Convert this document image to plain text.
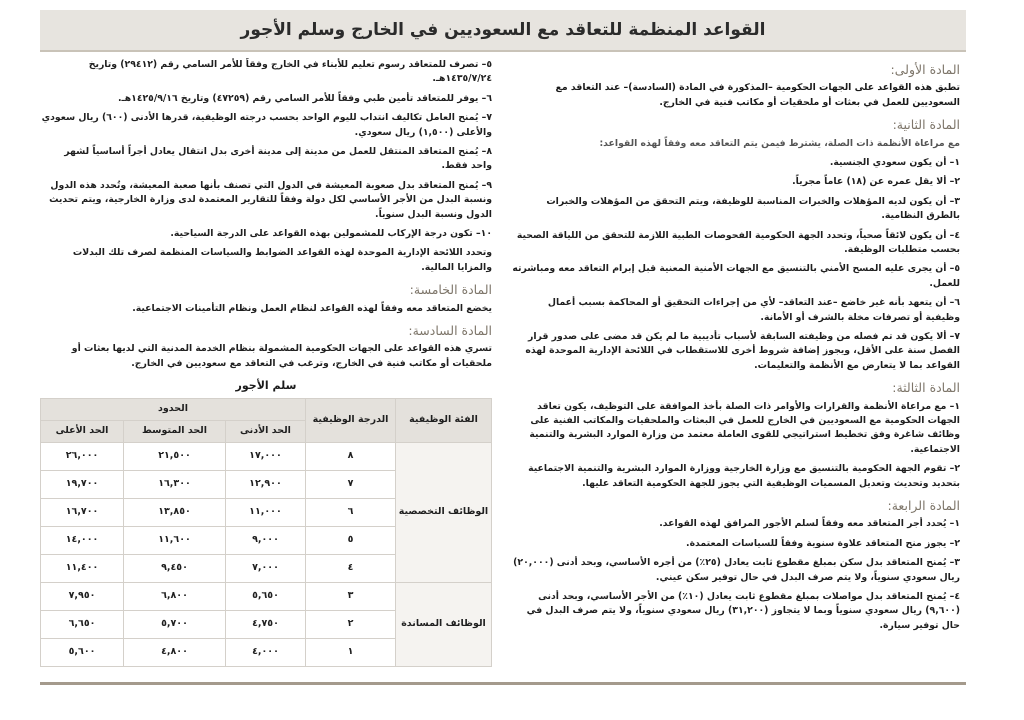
القواعد المنظمة للتعاقد مع السعوديين في الخارج وسلم الأجور
المادة الأولى:
تطبق هذه القواعد على الجهات الحكومية –المذكورة في المادة (السادسة)– عند التعاقد مع السعوديين للعمل في بعثات أو ملحقيات أو مكاتب فنية في الخارج.
المادة الثانية:
مع مراعاة الأنظمة ذات الصلة، يشترط فيمن يتم التعاقد معه وفقاً لهذه القواعد:
١– أن يكون سعودي الجنسية.
٢– ألا يقل عمره عن (١٨) عاماً مجرياً.
٣– أن يكون لديه المؤهلات والخبرات المناسبة للوظيفة، ويتم التحقق من المؤهلات والخبرات بالطرق النظامية.
٤– أن يكون لائقاً صحياً، وتحدد الجهة الحكومية الفحوصات الطبية اللازمة للتحقق من اللياقة الصحية بحسب متطلبات الوظيفة.
٥– أن يجرى عليه المسح الأمني بالتنسيق مع الجهات الأمنية المعنية قبل إبرام التعاقد معه ومباشرته للعمل.
٦– أن يتعهد بأنه غير خاضع –عند التعاقد– لأي من إجراءات التحقيق أو المحاكمة بسبب أعمال وظيفية أو تصرفات مخلة بالشرف أو الأمانة.
٧– ألا يكون قد تم فصله من وظيفته السابقة لأسباب تأديبية ما لم يكن قد مضى على صدور قرار الفصل سنة على الأقل، ويجوز إضافة شروط أخرى للاستقطاب في اللائحة الإدارية الموحدة لهذه القواعد بما لا يتعارض مع الأنظمة والتعليمات.
المادة الثالثة:
١– مع مراعاة الأنظمة والقرارات والأوامر ذات الصلة بأخذ الموافقة على التوظيف، يكون تعاقد الجهات الحكومية مع السعوديين في الخارج للعمل في البعثات والملحقيات والمكاتب الفنية على وظائف شاغرة وفق تخطيط استراتيجي للقوى العاملة معتمد من وزارة الموارد البشرية والتنمية الاجتماعية.
٢– تقوم الجهة الحكومية بالتنسيق مع وزارة الخارجية ووزارة الموارد البشرية والتنمية الاجتماعية بتحديد وتحديث وتعديل المسميات الوظيفية التي يجوز للجهة الحكومية التعاقد عليها.
المادة الرابعة:
١– يُحدد أجر المتعاقد معه وفقاً لسلم الأجور المرافق لهذه القواعد.
٢– يجوز منح المتعاقد علاوة سنوية وفقاً للسياسات المعتمدة.
٣– يُمنح المتعاقد بدل سكن بمبلغ مقطوع ثابت يعادل (٢٥٪) من أجره الأساسي، وبحد أدنى (٢٠,٠٠٠) ريال سعودي سنوياً، ولا يتم صرف البدل في حال توفير سكن عيني.
٤– يُمنح المتعاقد بدل مواصلات بمبلغ مقطوع ثابت يعادل (١٠٪) من الأجر الأساسي، وبحد أدنى (٩,٦٠٠) ريال سعودي سنوياً وبما لا يتجاوز (٣١,٢٠٠) ريال سعودي سنوياً، ولا يتم صرف البدل في حال توفير سيارة.
٥– تصرف للمتعاقد رسوم تعليم للأبناء في الخارج وفقاً للأمر السامي رقم (٢٩٤١٢) وتاريخ ١٤٣٥/٧/٢٤هـ.
٦– يوفر للمتعاقد تأمين طبي وفقاً للأمر السامي رقم (٤٧٢٥٩) وتاريخ ١٤٢٥/٩/١٦هـ.
٧– يُمنح العامل تكاليف انتداب لليوم الواحد بحسب درجته الوظيفية، قدرها الأدنى (٦٠٠) ريال سعودي والأعلى (١,٥٠٠) ريال سعودي.
٨– يُمنح المتعاقد المنتقل للعمل من مدينة إلى مدينة أخرى بدل انتقال يعادل أجراً أساسياً لشهر واحد فقط.
٩– يُمنح المتعاقد بدل صعوبة المعيشة في الدول التي تصنف بأنها صعبة المعيشة، وتُحدد هذه الدول ونسبة البدل من الأجر الأساسي لكل دولة وفقاً للتقارير المعتمدة لدى وزارة الخارجية، ويتم تحديث الدول ونسبة البدل سنوياً.
١٠– تكون درجة الإركاب للمشمولين بهذه القواعد على الدرجة السياحية.
وتحدد اللائحة الإدارية الموحدة لهذه القواعد الضوابط والسياسات المنظمة لصرف تلك البدلات والمزايا المالية.
المادة الخامسة:
يخضع المتعاقد معه وفقاً لهذه القواعد لنظام العمل ونظام التأمينات الاجتماعية.
المادة السادسة:
تسري هذه القواعد على الجهات الحكومية المشمولة بنظام الخدمة المدنية التي لديها بعثات أو ملحقيات أو مكاتب فنية في الخارج، وترغب في التعاقد مع سعوديين في الخارج.
سلم الأجور
الفئة الوظيفية	الدرجة الوظيفية	الحدود		
		الحد الأدنى	الحد المتوسط	الحد الأعلى
الوظائف التخصصية	٨	١٧,٠٠٠	٢١,٥٠٠	٢٦,٠٠٠
	٧	١٢,٩٠٠	١٦,٣٠٠	١٩,٧٠٠
	٦	١١,٠٠٠	١٣,٨٥٠	١٦,٧٠٠
	٥	٩,٠٠٠	١١,٦٠٠	١٤,٠٠٠
	٤	٧,٠٠٠	٩,٤٥٠	١١,٤٠٠
الوظائف المساندة	٣	٥,٦٥٠	٦,٨٠٠	٧,٩٥٠
	٢	٤,٧٥٠	٥,٧٠٠	٦,٦٥٠
	١	٤,٠٠٠	٤,٨٠٠	٥,٦٠٠
